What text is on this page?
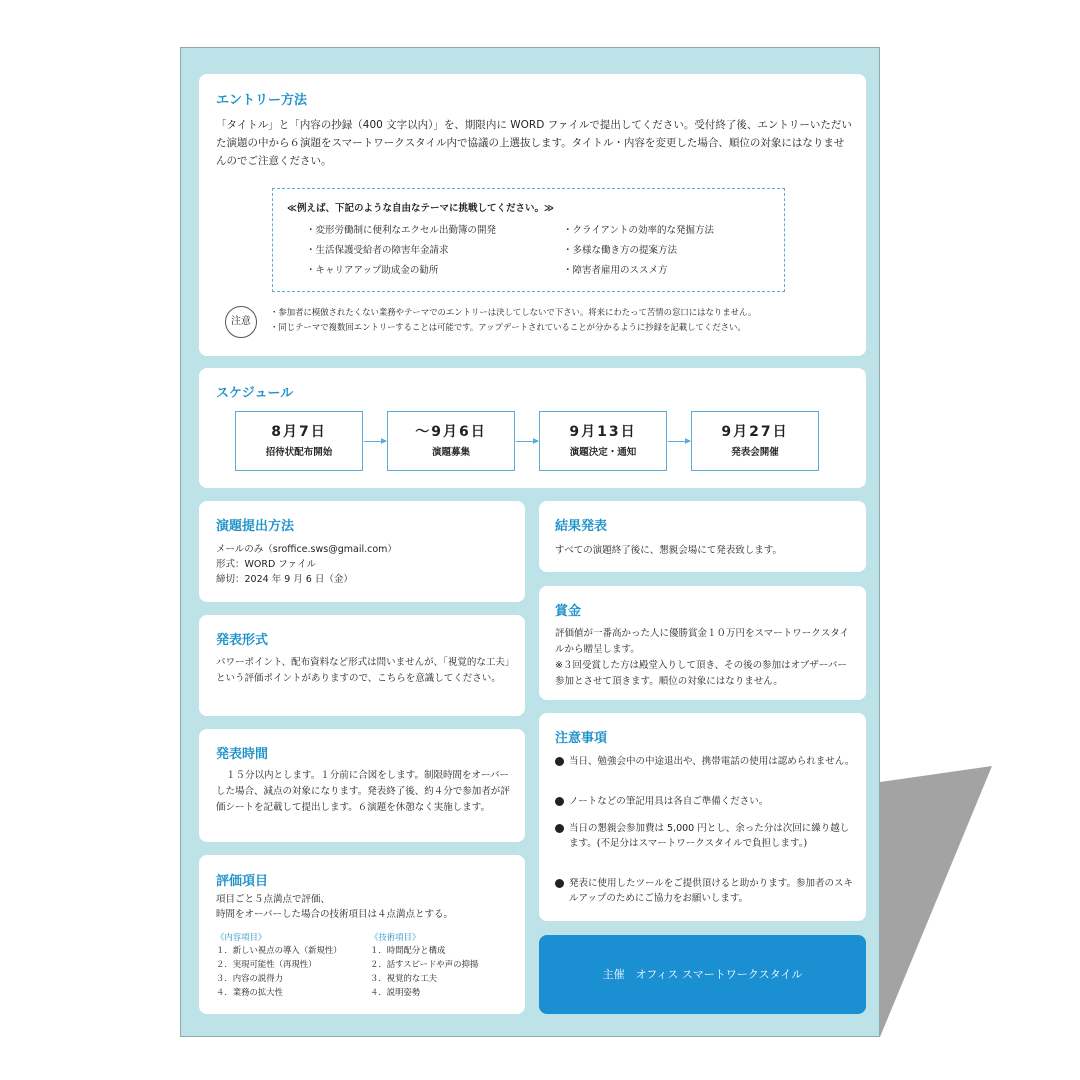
エントリー方法
「タイトル」と「内容の抄録（400 文字以内）」を、期限内に WORD ファイルで提出してください。受付終了後、エントリーいただいた演題の中から６演題をスマートワークスタイル内で協議の上選抜します。タイトル・内容を変更した場合、順位の対象にはなりませんのでご注意ください。
≪例えば、下記のような自由なテーマに挑戦してください。≫
・変形労働制に便利なエクセル出勤簿の開発
・生活保護受給者の障害年金請求
・キャリアアップ助成金の勧所
・クライアントの効率的な発掘方法
・多様な働き方の提案方法
・障害者雇用のススメ方
注意
・参加者に模倣されたくない業務やテーマでのエントリーは決してしないで下さい。将来にわたって苦情の窓口にはなりません。
・同じテーマで複数回エントリーすることは可能です。アップデートされていることが分かるように抄録を記載してください。
スケジュール
8月7日
招待状配布開始
〜9月6日
演題募集
9月13日
演題決定・通知
9月27日
発表会開催
演題提出方法
メールのみ（sroffice.sws@gmail.com）
形式：WORD ファイル
締切：2024 年 9 月 6 日（金）
発表形式
パワーポイント、配布資料など形式は問いませんが、「視覚的な工夫」という評価ポイントがありますので、こちらを意識してください。
発表時間
１５分以内とします。１分前に合図をします。制限時間をオーバーした場合、減点の対象になります。発表終了後、約４分で参加者が評価シートを記載して提出します。６演題を休憩なく実施します。
評価項目
項目ごと５点満点で評価、
時間をオーバーした場合の技術項目は４点満点とする。
《内容項目》
１．新しい視点の導入（新規性）
２．実現可能性（再現性）
３．内容の説得力
４．業務の拡大性
《技術項目》
１．時間配分と構成
２．話すスピードや声の抑揚
３．視覚的な工夫
４．説明姿勢
結果発表
すべての演題終了後に、懇親会場にて発表致します。
賞金
評価値が一番高かった人に優勝賞金１０万円をスマートワークスタイルから贈呈します。
※３回受賞した方は殿堂入りして頂き、その後の参加はオブザーバー参加とさせて頂きます。順位の対象にはなりません。
注意事項
当日、勉強会中の中途退出や、携帯電話の使用は認められません。
ノートなどの筆記用具は各自ご準備ください。
当日の懇親会参加費は 5,000 円とし、余った分は次回に繰り越します。(不足分はスマートワークスタイルで負担します。)
発表に使用したツールをご提供頂けると助かります。参加者のスキルアップのためにご協力をお願いします。
主催　オフィス スマートワークスタイル
